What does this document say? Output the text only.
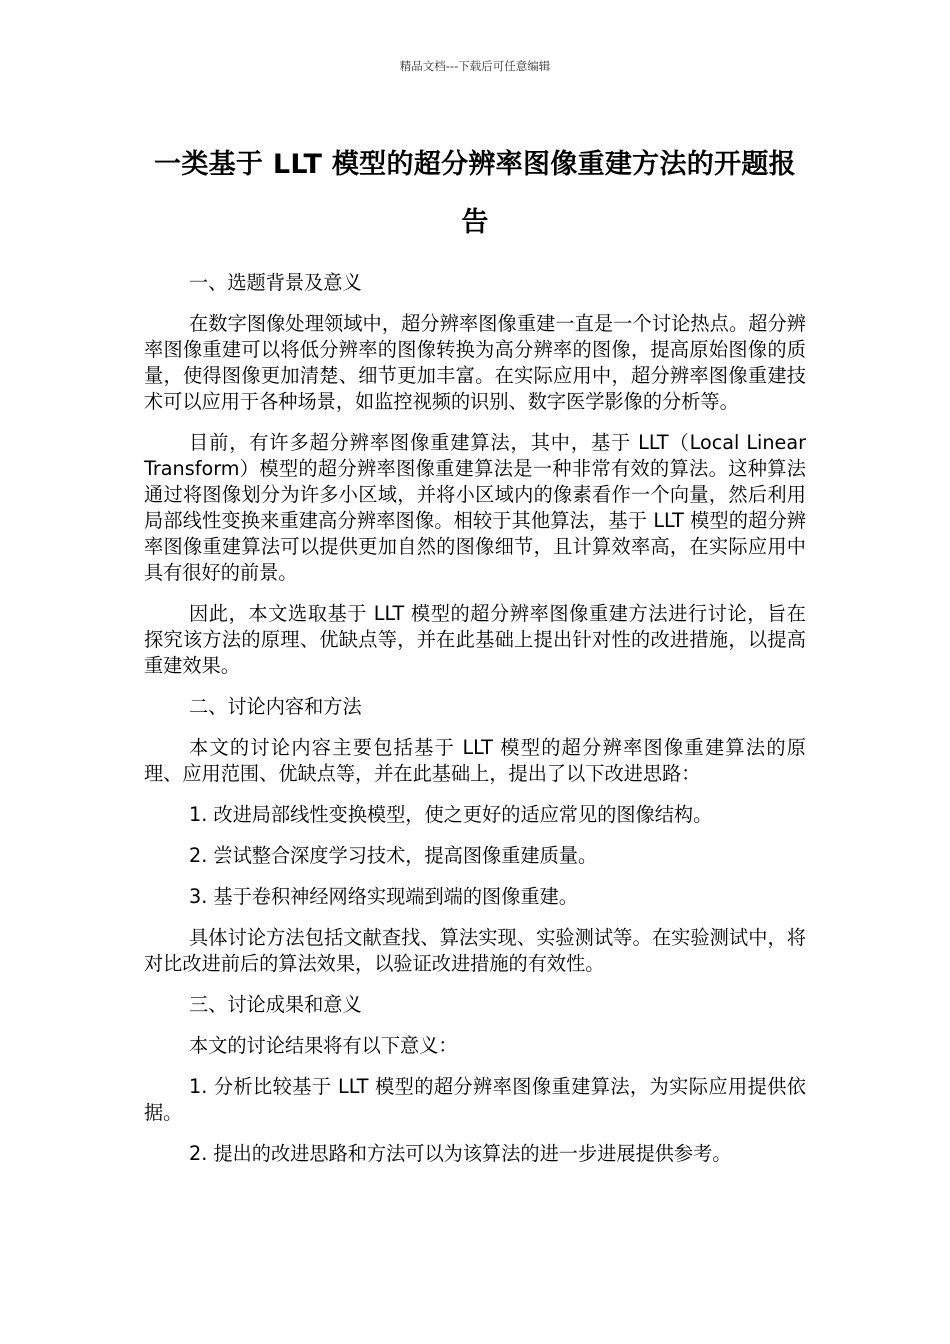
精品文档---下载后可任意编辑
一类基于 LLT 模型的超分辨率图像重建方法的开题报告

一、选题背景及意义

在数字图像处理领域中，超分辨率图像重建一直是一个讨论热点。超分辨率图像重建可以将低分辨率的图像转换为高分辨率的图像，提高原始图像的质量，使得图像更加清楚、细节更加丰富。在实际应用中，超分辨率图像重建技术可以应用于各种场景，如监控视频的识别、数字医学影像的分析等。

目前，有许多超分辨率图像重建算法，其中，基于 LLT（Local Linear Transform）模型的超分辨率图像重建算法是一种非常有效的算法。这种算法通过将图像划分为许多小区域，并将小区域内的像素看作一个向量，然后利用局部线性变换来重建高分辨率图像。相较于其他算法，基于 LLT 模型的超分辨率图像重建算法可以提供更加自然的图像细节，且计算效率高，在实际应用中具有很好的前景。

因此，本文选取基于 LLT 模型的超分辨率图像重建方法进行讨论，旨在探究该方法的原理、优缺点等，并在此基础上提出针对性的改进措施，以提高重建效果。

二、讨论内容和方法

本文的讨论内容主要包括基于 LLT 模型的超分辨率图像重建算法的原理、应用范围、优缺点等，并在此基础上，提出了以下改进思路：

1. 改进局部线性变换模型，使之更好的适应常见的图像结构。

2. 尝试整合深度学习技术，提高图像重建质量。

3. 基于卷积神经网络实现端到端的图像重建。

具体讨论方法包括文献查找、算法实现、实验测试等。在实验测试中，将对比改进前后的算法效果，以验证改进措施的有效性。

三、讨论成果和意义

本文的讨论结果将有以下意义：

1. 分析比较基于 LLT 模型的超分辨率图像重建算法，为实际应用提供依据。

2. 提出的改进思路和方法可以为该算法的进一步进展提供参考。
